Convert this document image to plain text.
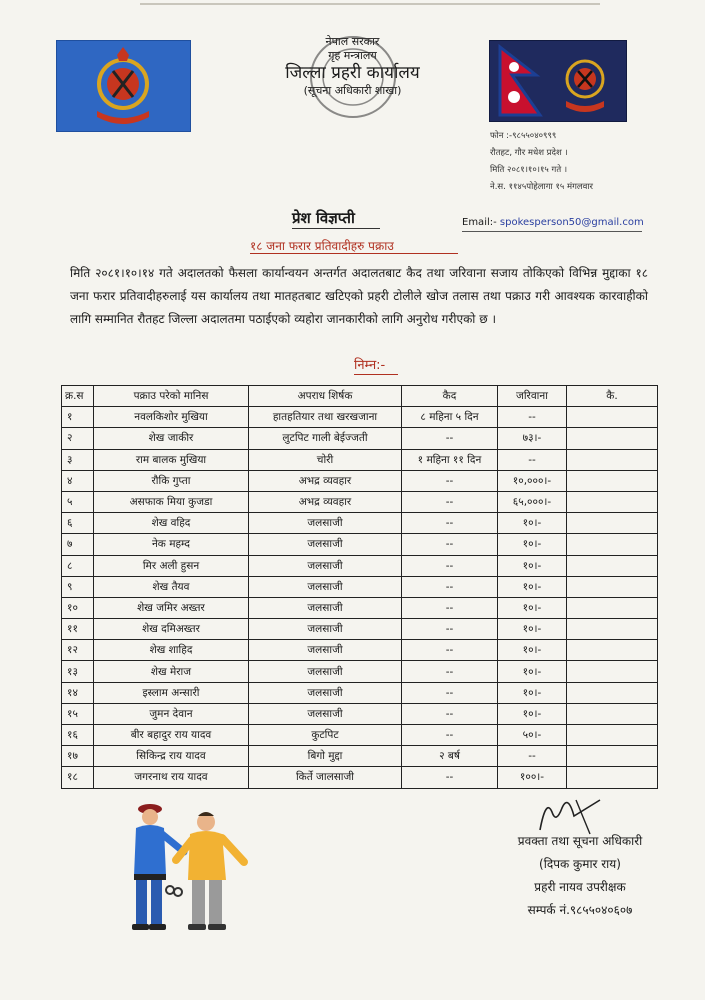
नेपाल सरकार
गृह मन्त्रालय
जिल्ला प्रहरी कार्यालय
(सूचना अधिकारी शाखा)
फोन :-९८५५०४०९९९
रौतहट, गौर मधेश प्रदेश ।
मिति २०८१।१०।१५ गते ।
ने.स. ११४५पोहेलागा १५ मंगलवार
प्रेश विज्ञप्ती	Email:- spokesperson50@gmail.com
१८ जना फरार प्रतिवादीहरु पक्राउ
मिति २०८१।१०।१४ गते अदालतको फैसला कार्यान्वयन अन्तर्गत अदालतबाट कैद तथा जरिवाना सजाय तोकिएको विभिन्न मुद्दाका १८ जना फरार प्रतिवादीहरुलाई यस कार्यालय तथा मातहतबाट खटिएको प्रहरी टोलीले खोज तलास तथा पक्राउ गरी आवश्यक कारवाहीको लागि सम्मानित रौतहट जिल्ला अदालतमा पठाईएको व्यहोरा जानकारीको लागि अनुरोध गरीएको छ ।
निम्न:-
क्र.स	पक्राउ परेको मानिस	अपराध शिर्षक	कैद	जरिवाना	कै.
१	नवलकिशोर मुखिया	हातहतियार तथा खरखजाना	८ महिना ५ दिन	--	
२	शेख जाकीर	लुटपिट गाली बेईज्जती	--	७३।-	
३	राम बालक मुखिया	चोरी	१ महिना ११ दिन	--	
४	रौकि गुप्ता	अभद्र व्यवहार	--	१०,०००।-	
५	असफाक मिया कुजडा	अभद्र व्यवहार	--	६५,०००।-	
६	शेख वहिद	जलसाजी	--	१०।-	
७	नेक महम्द	जलसाजी	--	१०।-	
८	मिर अली हुसन	जलसाजी	--	१०।-	
९	शेख तैयव	जलसाजी	--	१०।-	
१०	शेख जमिर अख्तर	जलसाजी	--	१०।-	
११	शेख दमिअख्तर	जलसाजी	--	१०।-	
१२	शेख शाहिद	जलसाजी	--	१०।-	
१३	शेख मेराज	जलसाजी	--	१०।-	
१४	इस्लाम अन्सारी	जलसाजी	--	१०।-	
१५	जुमन देवान	जलसाजी	--	१०।-	
१६	बीर बहादुर राय यादव	कुटपिट	--	५०।-	
१७	सिकिन्द्र राय यादव	बिगो मुद्दा	२ बर्ष	--	
१८	जगरनाथ राय यादव	किर्ते जालसाजी	--	१००।-	
प्रवक्ता तथा सूचना अधिकारी
(दिपक कुमार राय)
प्रहरी नायव उपरीक्षक
सम्पर्क नं.९८५५०४०६०७
